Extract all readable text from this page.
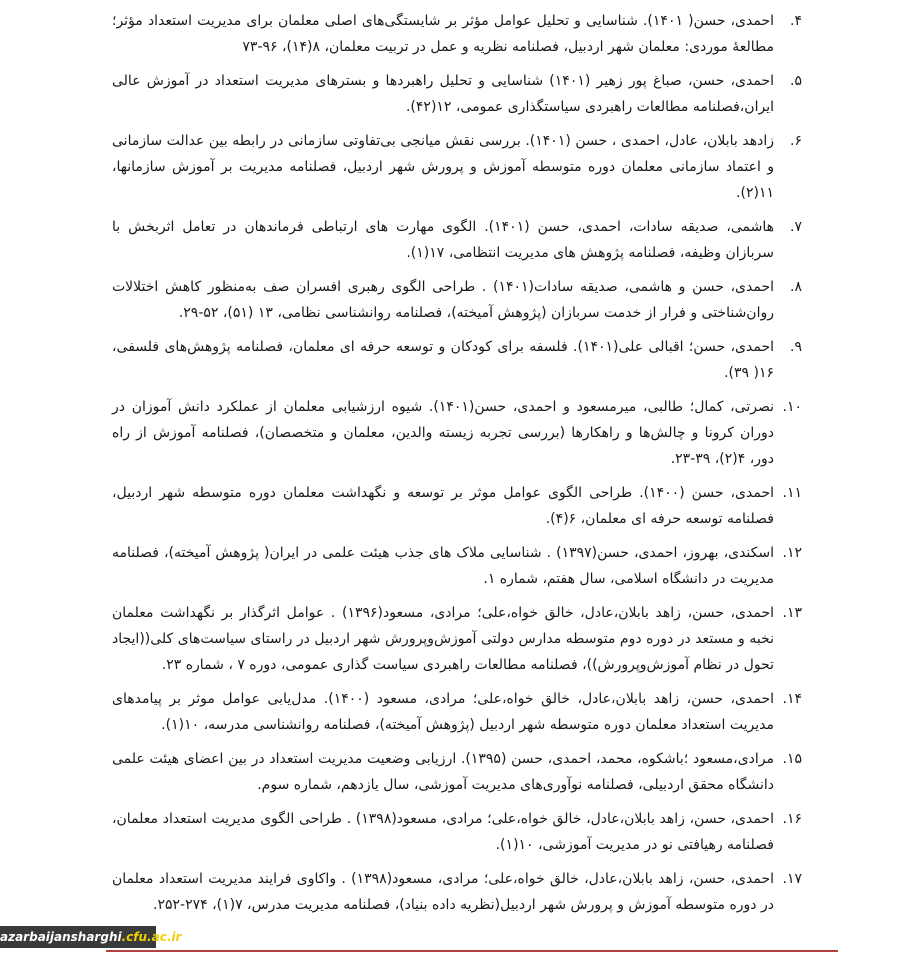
۴.
احمدی، حسن( ۱۴۰۱). شناسایی و تحلیل عوامل مؤثر بر شایستگی‌های اصلی معلمان برای مدیریت استعداد مؤثر؛ مطالعهٔ موردی: معلمان شهر اردبیل، فصلنامه نظریه و عمل در تربیت معلمان، ۸(۱۴)، ۹۶-۷۳
۵.
احمدی، حسن، صباغ پور زهیر (۱۴۰۱) شناسایی و تحلیل راهبردها و بسترهای مدیریت استعداد در آموزش عالی ایران،فصلنامه مطالعات راهبردی سیاستگذاری عمومی، ۱۲(۴۲).
۶.
زادهد بابلان، عادل، احمدی ، حسن (۱۴۰۱). بررسی نقش میانجی بی‌تفاوتی سازمانی در رابطه بین عدالت سازمانی و اعتماد سازمانی معلمان دوره متوسطه آموزش و پرورش شهر اردبیل، فصلنامه مدیریت بر آموزش سازمانها، ۱۱(۲).
۷.
هاشمی، صدیقه سادات، احمدی، حسن (۱۴۰۱). الگوی مهارت های ارتباطی فرماندهان در تعامل اثربخش با سربازان وظیفه، فصلنامه پژوهش های مدیریت انتظامی، ۱۷(۱).
۸.
احمدی، حسن و هاشمی، صدیقه سادات(۱۴۰۱) . طراحی الگوی رهبری افسران صف به‌منظور کاهش اختلالات روان‌شناختی و فرار از خدمت سربازان (پژوهش آمیخته)، فصلنامه روانشناسی نظامی، ۱۳ (۵۱)، ۵۲-۲۹.
۹.
احمدی، حسن؛ اقبالی علی(۱۴۰۱). فلسفه برای کودکان و توسعه حرفه ای معلمان، فصلنامه پژوهش‌های فلسفی، ۱۶( ۳۹).
۱۰.
نصرتی، کمال؛ طالبی، میرمسعود و احمدی، حسن(۱۴۰۱). شیوه ارزشیابی معلمان از عملکرد دانش آموزان در دوران کرونا و چالش‌ها و راهکارها (بررسی تجربه زیسته والدین، معلمان و متخصصان)، فصلنامه آموزش از راه دور، ۴(۲)، ۳۹-۲۳.
۱۱.
احمدی، حسن (۱۴۰۰). طراحی الگوی عوامل موثر بر توسعه و نگهداشت معلمان دوره متوسطه شهر اردبیل، فصلنامه توسعه حرفه ای معلمان، ۶(۴).
۱۲.
اسکندی، بهروز، احمدی، حسن(۱۳۹۷) . شناسایی ملاک های جذب هیئت علمی در ایران( پژوهش آمیخته)، فصلنامه مدیریت در دانشگاه اسلامی، سال هفتم، شماره ۱.
۱۳.
احمدی، حسن، زاهد بابلان،عادل، خالق خواه،علی؛ مرادی، مسعود(۱۳۹۶) . عوامل اثرگذار بر نگهداشت معلمان نخبه و مستعد در دوره دوم متوسطه مدارس دولتی آموزش‌وپرورش شهر اردبیل در راستای سیاست‌های کلی((ایجاد تحول در نظام آموزش‌وپرورش))، فصلنامه مطالعات راهبردی سیاست گذاری عمومی، دوره ۷ ، شماره ۲۳.
۱۴.
احمدی، حسن، زاهد بابلان،عادل، خالق خواه،علی؛ مرادی، مسعود (۱۴۰۰). مدل‌یابی عوامل موثر بر پیامدهای مدیریت استعداد معلمان دوره متوسطه شهر اردبیل (پژوهش آمیخته)، فصلنامه روانشناسی مدرسه، ۱۰(۱).
۱۵.
مرادی،مسعود ؛باشکوه، محمد، احمدی، حسن (۱۳۹۵). ارزیابی وضعیت مدیریت استعداد در بین اعضای هیئت علمی دانشگاه محقق اردبیلی، فصلنامه نوآوری‌های مدیریت آموزشی، سال یازدهم، شماره سوم.
۱۶.
احمدی، حسن، زاهد بابلان،عادل، خالق خواه،علی؛ مرادی، مسعود(۱۳۹۸) . طراحی الگوی مدیریت استعداد معلمان، فصلنامه رهیافتی نو در مدیریت آموزشی، ۱۰(۱).
۱۷.
احمدی، حسن، زاهد بابلان،عادل، خالق خواه،علی؛ مرادی، مسعود(۱۳۹۸) . واکاوی فرایند مدیریت استعداد معلمان در دوره متوسطه آموزش و پرورش شهر اردبیل(نظریه داده بنیاد)، فصلنامه مدیریت مدرس، ۷(۱)، ۲۷۴-۲۵۲.
azarbaijansharghi.cfu.ac.ir
